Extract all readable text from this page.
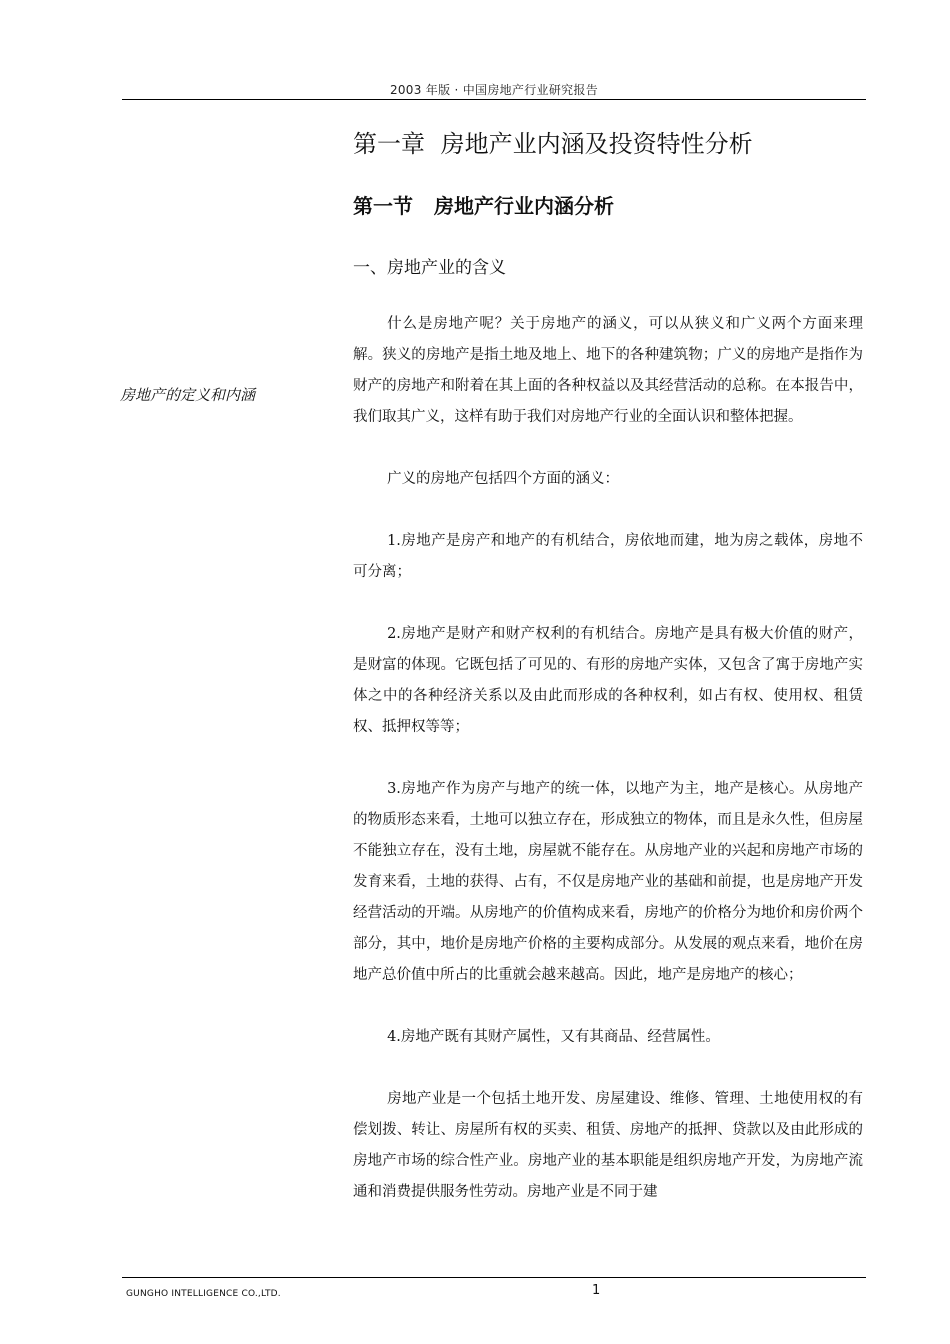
2003 年版 · 中国房地产行业研究报告
第一章 房地产业内涵及投资特性分析
第一节 房地产行业内涵分析
一、房地产业的含义
房地产的定义和内涵

什么是房地产呢？关于房地产的涵义，可以从狭义和广义两个方面来理解。狭义的房地产是指土地及地上、地下的各种建筑物；广义的房地产是指作为财产的房地产和附着在其上面的各种权益以及其经营活动的总称。在本报告中，我们取其广义，这样有助于我们对房地产行业的全面认识和整体把握。

广义的房地产包括四个方面的涵义：

1.房地产是房产和地产的有机结合，房依地而建，地为房之载体，房地不可分离；

2.房地产是财产和财产权利的有机结合。房地产是具有极大价值的财产，是财富的体现。它既包括了可见的、有形的房地产实体，又包含了寓于房地产实体之中的各种经济关系以及由此而形成的各种权利，如占有权、使用权、租赁权、抵押权等等；

3.房地产作为房产与地产的统一体，以地产为主，地产是核心。从房地产的物质形态来看，土地可以独立存在，形成独立的物体，而且是永久性，但房屋不能独立存在，没有土地，房屋就不能存在。从房地产业的兴起和房地产市场的发育来看，土地的获得、占有，不仅是房地产业的基础和前提，也是房地产开发经营活动的开端。从房地产的价值构成来看，房地产的价格分为地价和房价两个部分，其中，地价是房地产价格的主要构成部分。从发展的观点来看，地价在房地产总价值中所占的比重就会越来越高。因此，地产是房地产的核心；

4.房地产既有其财产属性，又有其商品、经营属性。

房地产业是一个包括土地开发、房屋建设、维修、管理、土地使用权的有偿划拨、转让、房屋所有权的买卖、租赁、房地产的抵押、贷款以及由此形成的房地产市场的综合性产业。房地产业的基本职能是组织房地产开发，为房地产流通和消费提供服务性劳动。房地产业是不同于建

GUNGHO INTELLIGENCE CO.,LTD.	1
